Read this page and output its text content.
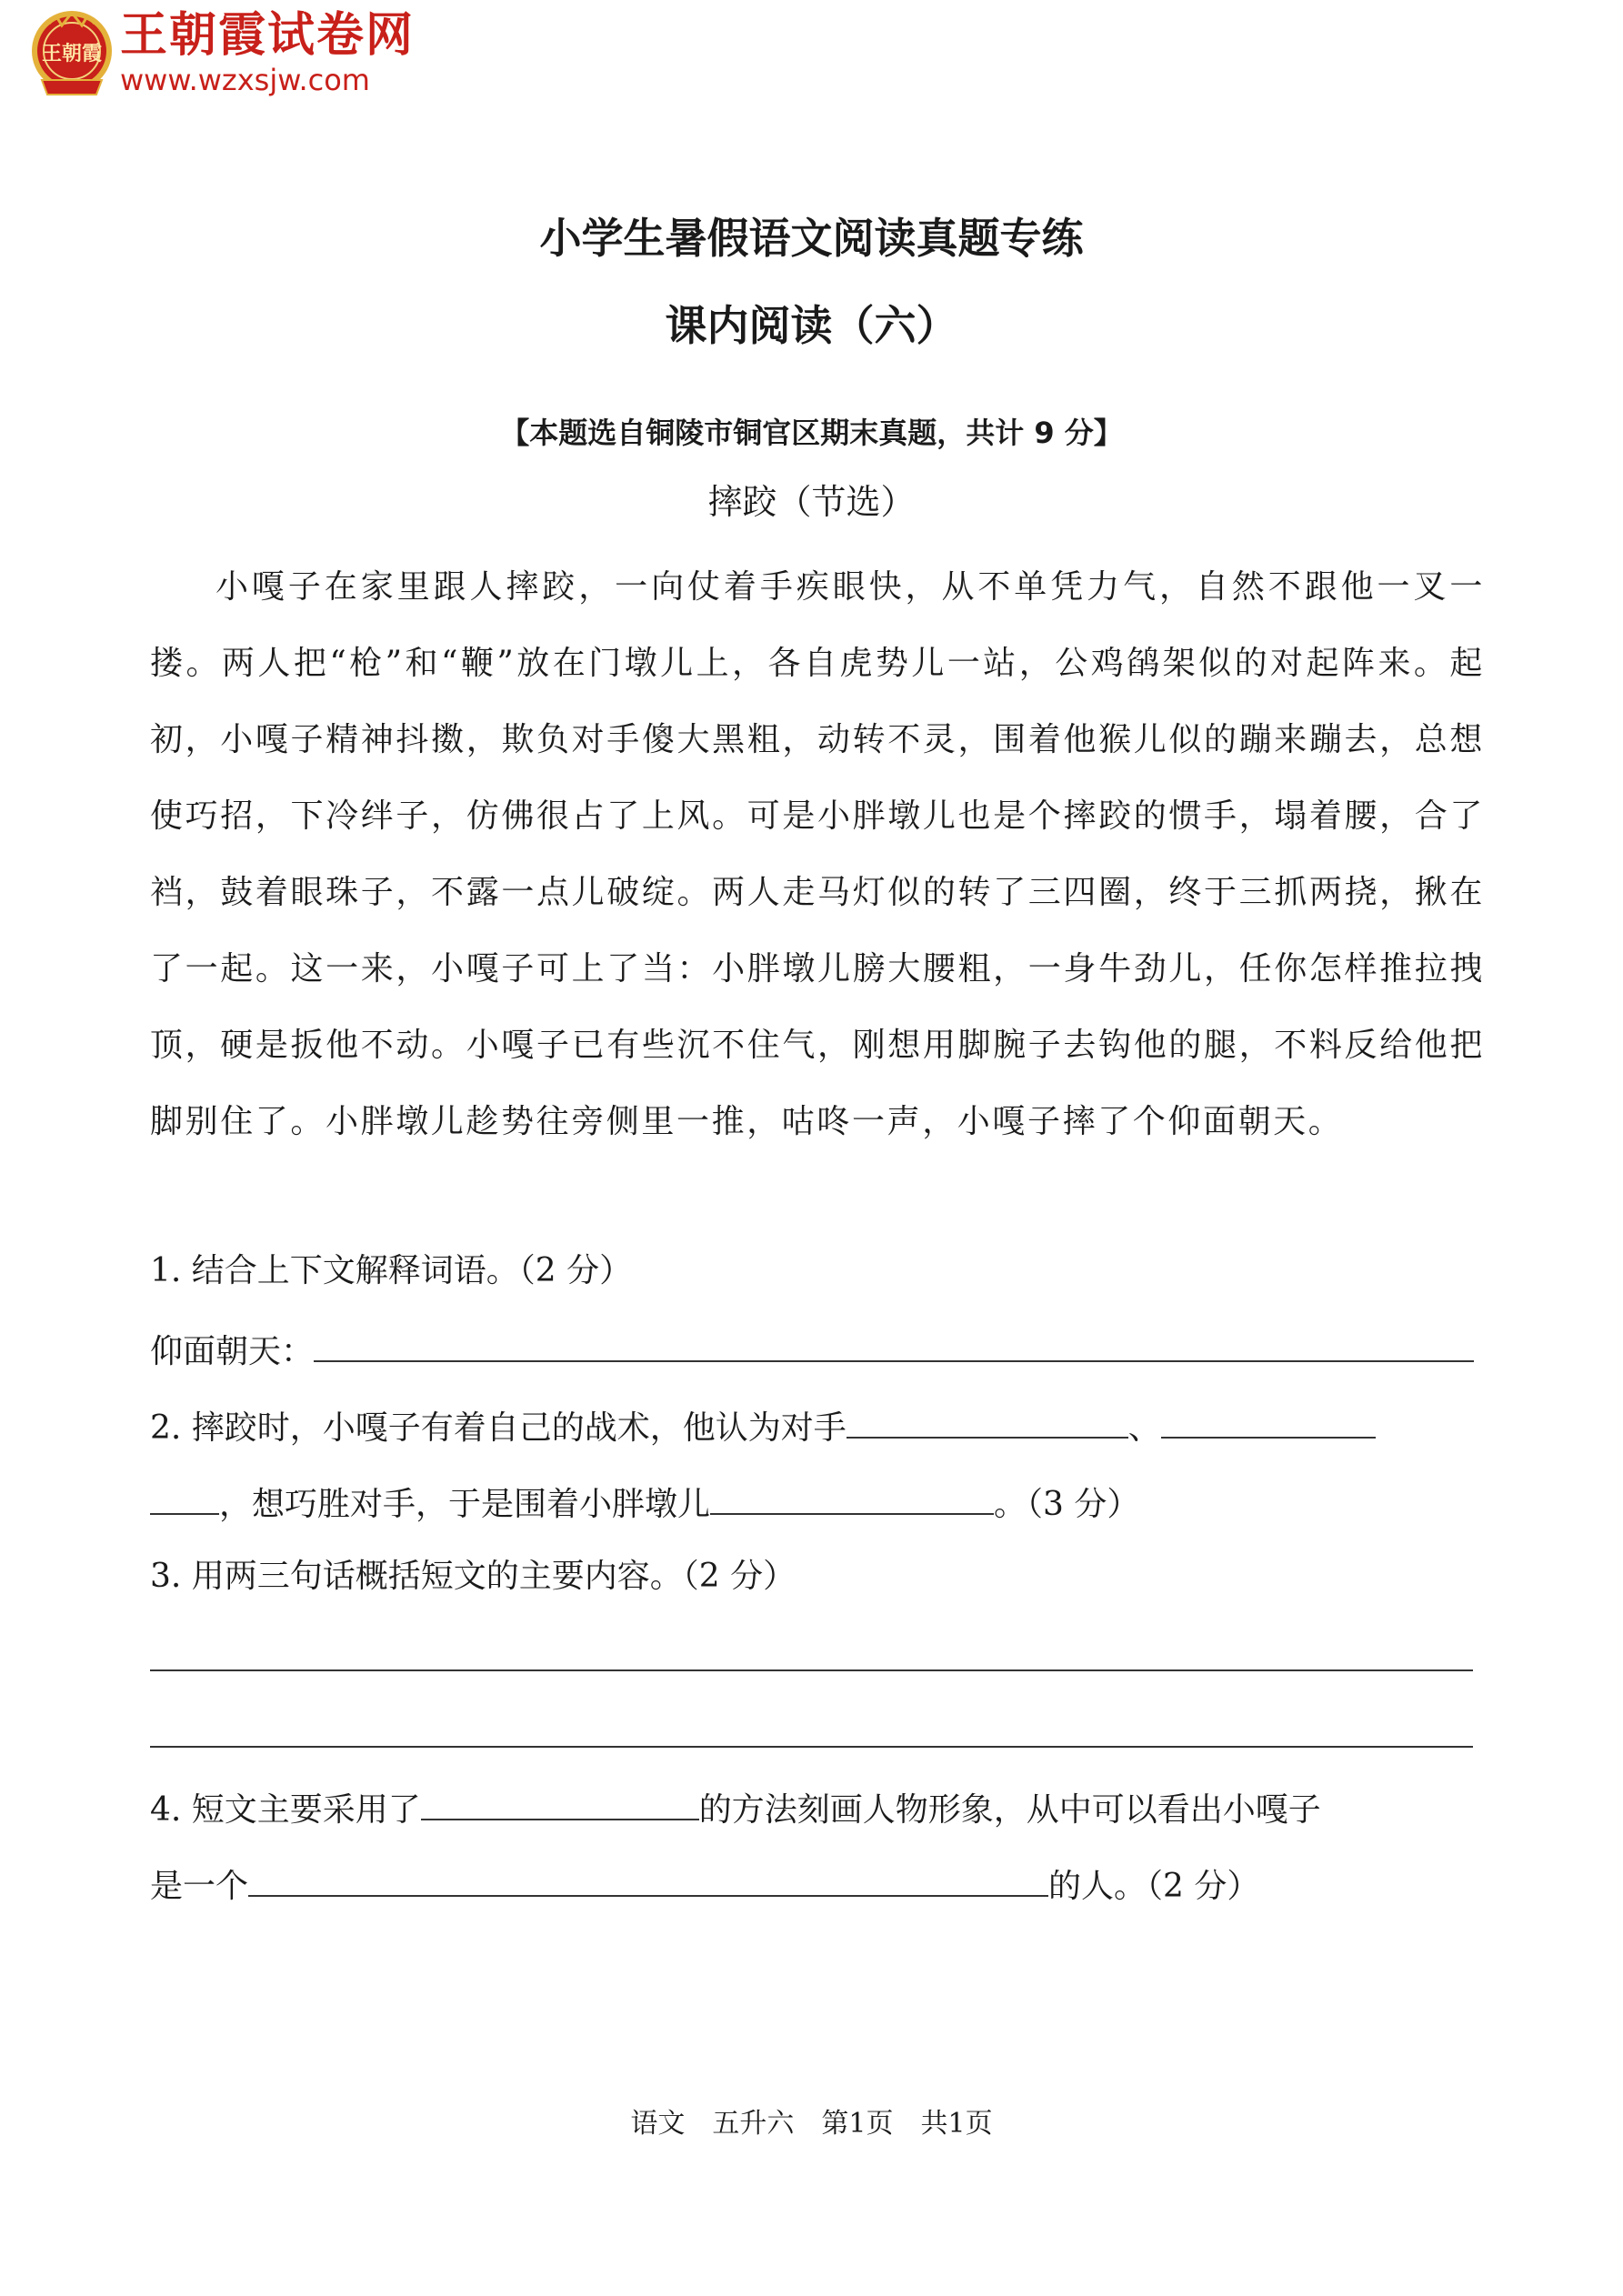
王朝霞 王朝霞试卷网
www.wzxsjw.com
小学生暑假语文阅读真题专练
课内阅读（六）
【本题选自铜陵市铜官区期末真题，共计 9 分】
摔跤（节选）
小嘎子在家里跟人摔跤，一向仗着手疾眼快，从不单凭力气，自然不跟他一叉一搂。两人把“枪”和“鞭”放在门墩儿上，各自虎势儿一站，公鸡鹐架似的对起阵来。起初，小嘎子精神抖擞，欺负对手傻大黑粗，动转不灵，围着他猴儿似的蹦来蹦去，总想使巧招，下冷绊子，仿佛很占了上风。可是小胖墩儿也是个摔跤的惯手，塌着腰，合了裆，鼓着眼珠子，不露一点儿破绽。两人走马灯似的转了三四圈，终于三抓两挠，揪在了一起。这一来，小嘎子可上了当：小胖墩儿膀大腰粗，一身牛劲儿，任你怎样推拉拽顶，硬是扳他不动。小嘎子已有些沉不住气，刚想用脚腕子去钩他的腿，不料反给他把脚别住了。小胖墩儿趁势往旁侧里一推，咕咚一声，小嘎子摔了个仰面朝天。
1. 结合上下文解释词语。（2 分）
仰面朝天：
2. 摔跤时，小嘎子有着自己的战术，他认为对手	、
，想巧胜对手，于是围着小胖墩儿	。（3 分）
3. 用两三句话概括短文的主要内容。（2 分）
4. 短文主要采用了	的方法刻画人物形象，从中可以看出小嘎子
是一个	的人。（2 分）
语文　五升六　第1页　共1页
